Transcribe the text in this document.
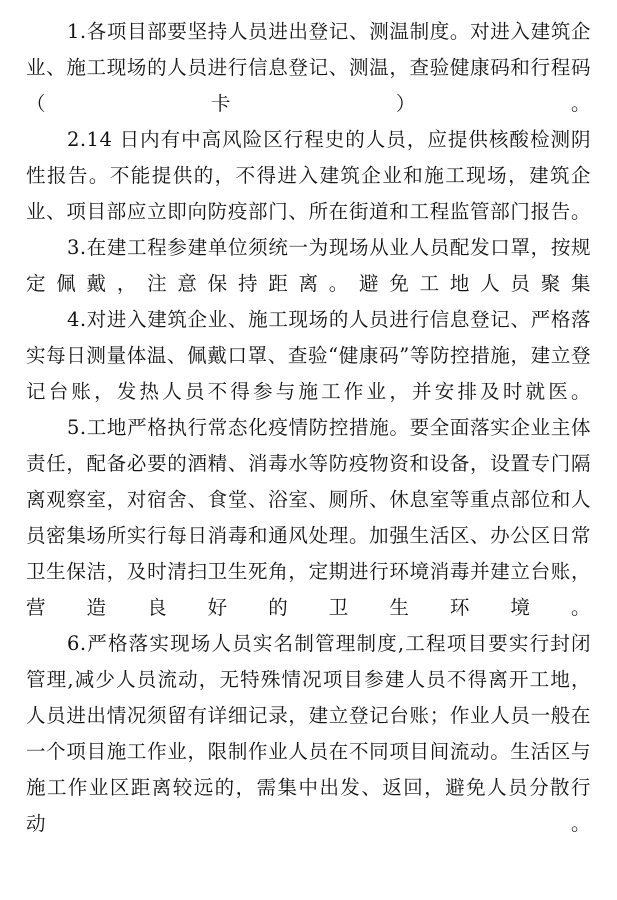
1.各项目部要坚持人员进出登记、测温制度。对进入建筑企业、施工现场的人员进行信息登记、测温，查验健康码和行程码（卡）。

2.14 日内有中高风险区行程史的人员，应提供核酸检测阴性报告。不能提供的，不得进入建筑企业和施工现场，建筑企业、项目部应立即向防疫部门、所在街道和工程监管部门报告。

3.在建工程参建单位须统一为现场从业人员配发口罩，按规定佩戴，注意保持距离。避免工地人员聚集

4.对进入建筑企业、施工现场的人员进行信息登记、严格落实每日测量体温、佩戴口罩、查验“健康码”等防控措施，建立登记台账，发热人员不得参与施工作业，并安排及时就医。

5.工地严格执行常态化疫情防控措施。要全面落实企业主体责任，配备必要的酒精、消毒水等防疫物资和设备，设置专门隔离观察室，对宿舍、食堂、浴室、厕所、休息室等重点部位和人员密集场所实行每日消毒和通风处理。加强生活区、办公区日常卫生保洁，及时清扫卫生死角，定期进行环境消毒并建立台账，营造良好的卫生环境。

6.严格落实现场人员实名制管理制度,工程项目要实行封闭管理,减少人员流动，无特殊情况项目参建人员不得离开工地，人员进出情况须留有详细记录，建立登记台账；作业人员一般在一个项目施工作业，限制作业人员在不同项目间流动。生活区与施工作业区距离较远的，需集中出发、返回，避免人员分散行动。
